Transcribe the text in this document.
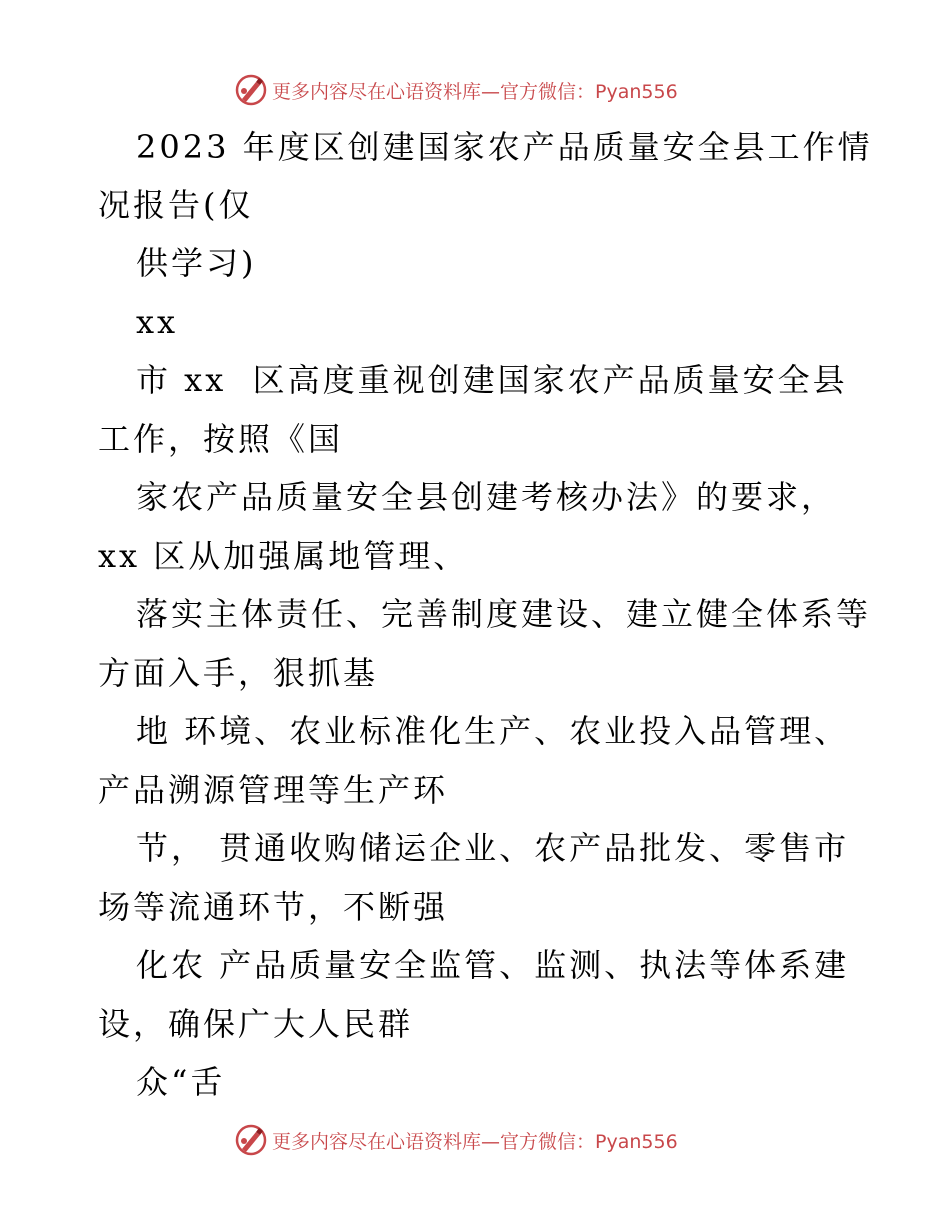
更多内容尽在心语资料库—官方微信：Pyan556
2023 年度区创建国家农产品质量安全县工作情
况报告(仅
供学习)
xx
市 xx  区高度重视创建国家农产品质量安全县
工作，按照《国
家农产品质量安全县创建考核办法》的要求，
xx 区从加强属地管理、
落实主体责任、完善制度建设、建立健全体系等
方面入手，狠抓基
地 环境、农业标准化生产、农业投入品管理、
产品溯源管理等生产环
节， 贯通收购储运企业、农产品批发、零售市
场等流通环节，不断强
化农 产品质量安全监管、监测、执法等体系建
设，确保广大人民群
众“舌
更多内容尽在心语资料库—官方微信：Pyan556
